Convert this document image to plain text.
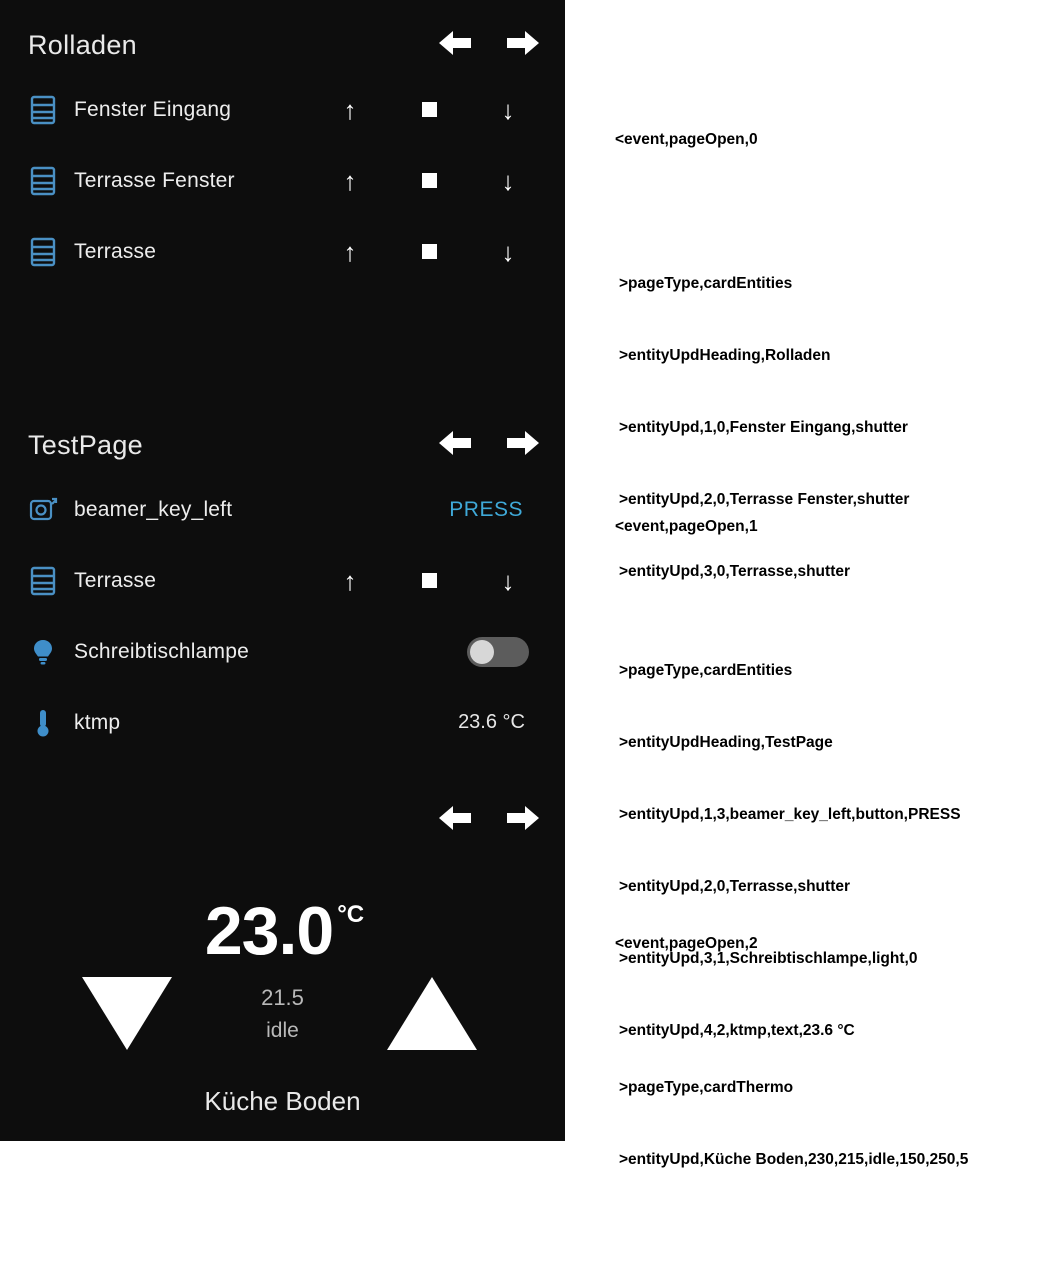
Rolladen
Fenster Eingang	↑	↓
Terrasse Fenster	↑	↓
Terrasse	↑	↓
TestPage
beamer_key_left	PRESS
Terrasse	↑	↓
Schreibtischlampe
ktmp	23.6 °C
23.0 °C
21.5
idle
Küche Boden

<event,pageOpen,0

>pageType,cardEntities

>entityUpdHeading,Rolladen

>entityUpd,1,0,Fenster Eingang,shutter

>entityUpd,2,0,Terrasse Fenster,shutter

>entityUpd,3,0,Terrasse,shutter

<event,pageOpen,1

>pageType,cardEntities

>entityUpdHeading,TestPage

>entityUpd,1,3,beamer_key_left,button,PRESS

>entityUpd,2,0,Terrasse,shutter

>entityUpd,3,1,Schreibtischlampe,light,0

>entityUpd,4,2,ktmp,text,23.6 °C

<event,pageOpen,2

>pageType,cardThermo

>entityUpd,Küche Boden,230,215,idle,150,250,5
